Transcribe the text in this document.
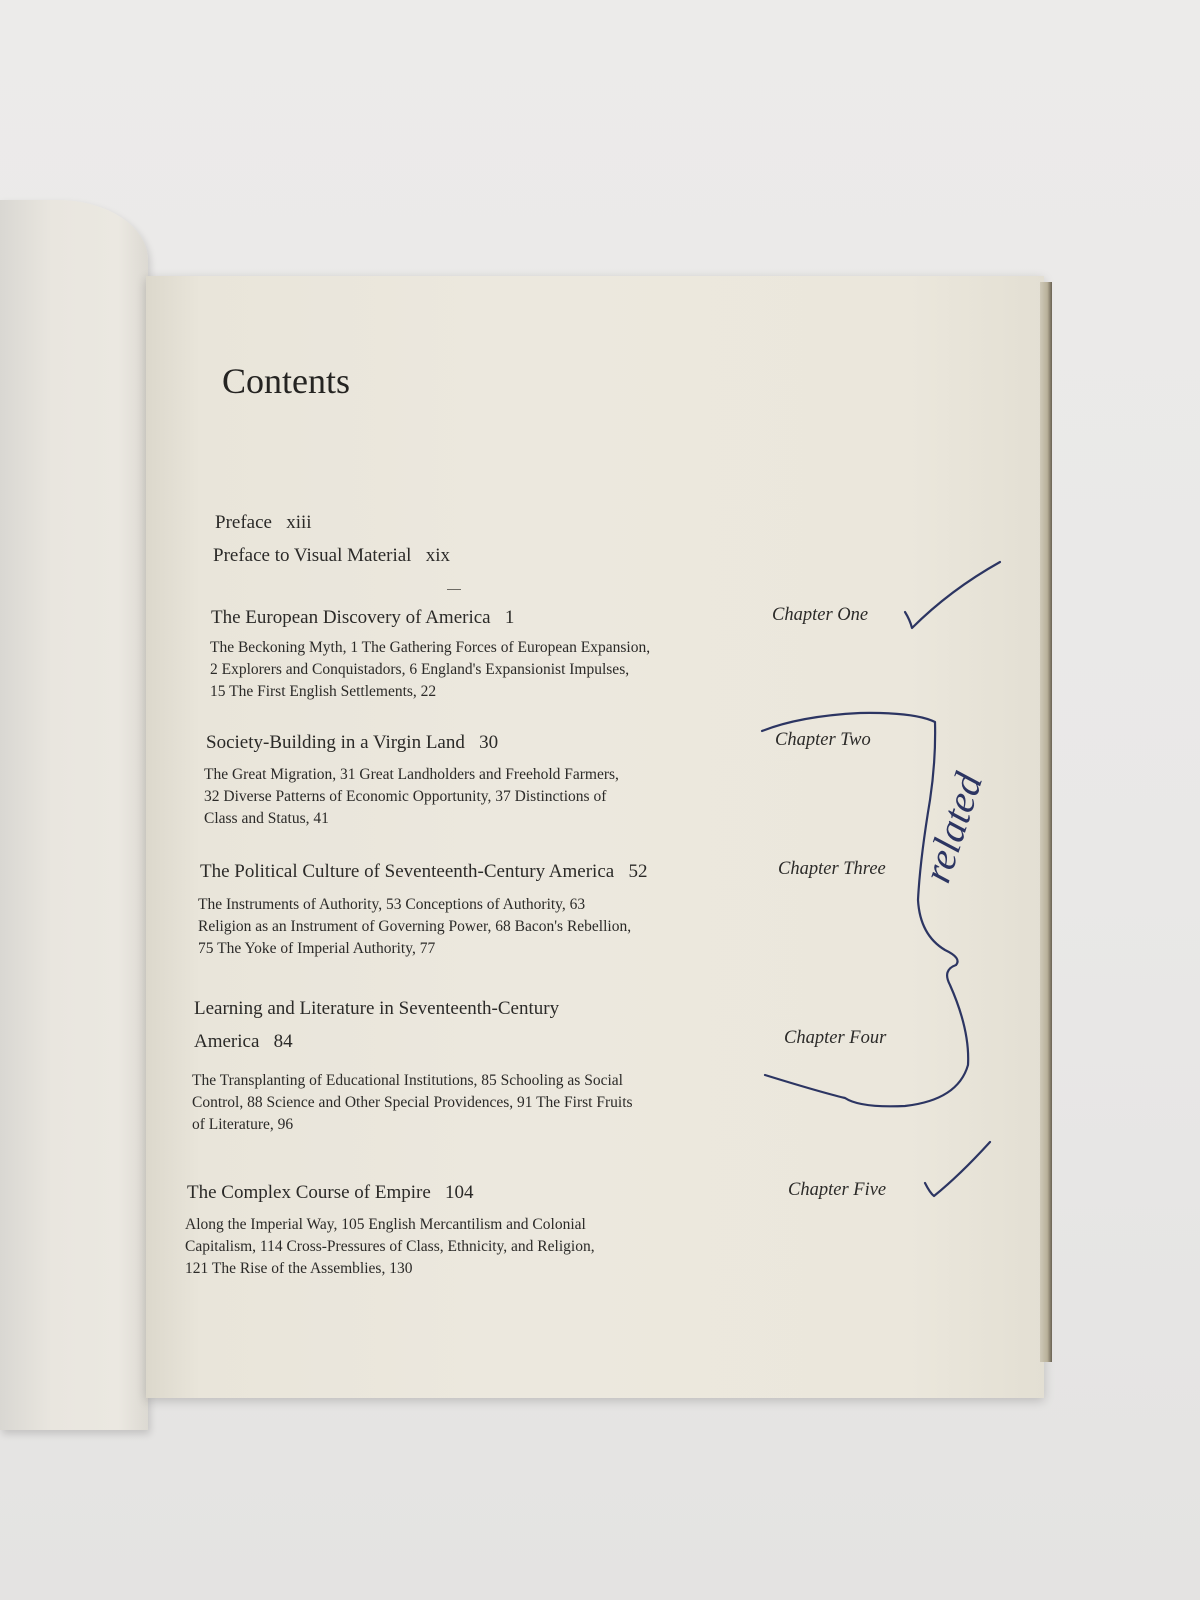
Contents
Preface xiii
Preface to Visual Material xix
The European Discovery of America 1	Chapter One
The Beckoning Myth, 1 The Gathering Forces of European Expansion,
2 Explorers and Conquistadors, 6 England's Expansionist Impulses,
15 The First English Settlements, 22
Society-Building in a Virgin Land 30	Chapter Two
The Great Migration, 31 Great Landholders and Freehold Farmers,
32 Diverse Patterns of Economic Opportunity, 37 Distinctions of
Class and Status, 41
The Political Culture of Seventeenth-Century America 52	Chapter Three
The Instruments of Authority, 53 Conceptions of Authority, 63
Religion as an Instrument of Governing Power, 68 Bacon's Rebellion,
75 The Yoke of Imperial Authority, 77
Learning and Literature in Seventeenth-Century
America 84	Chapter Four
The Transplanting of Educational Institutions, 85 Schooling as Social
Control, 88 Science and Other Special Providences, 91 The First Fruits
of Literature, 96
The Complex Course of Empire 104	Chapter Five
Along the Imperial Way, 105 English Mercantilism and Colonial
Capitalism, 114 Cross-Pressures of Class, Ethnicity, and Religion,
121 The Rise of the Assemblies, 130
related
